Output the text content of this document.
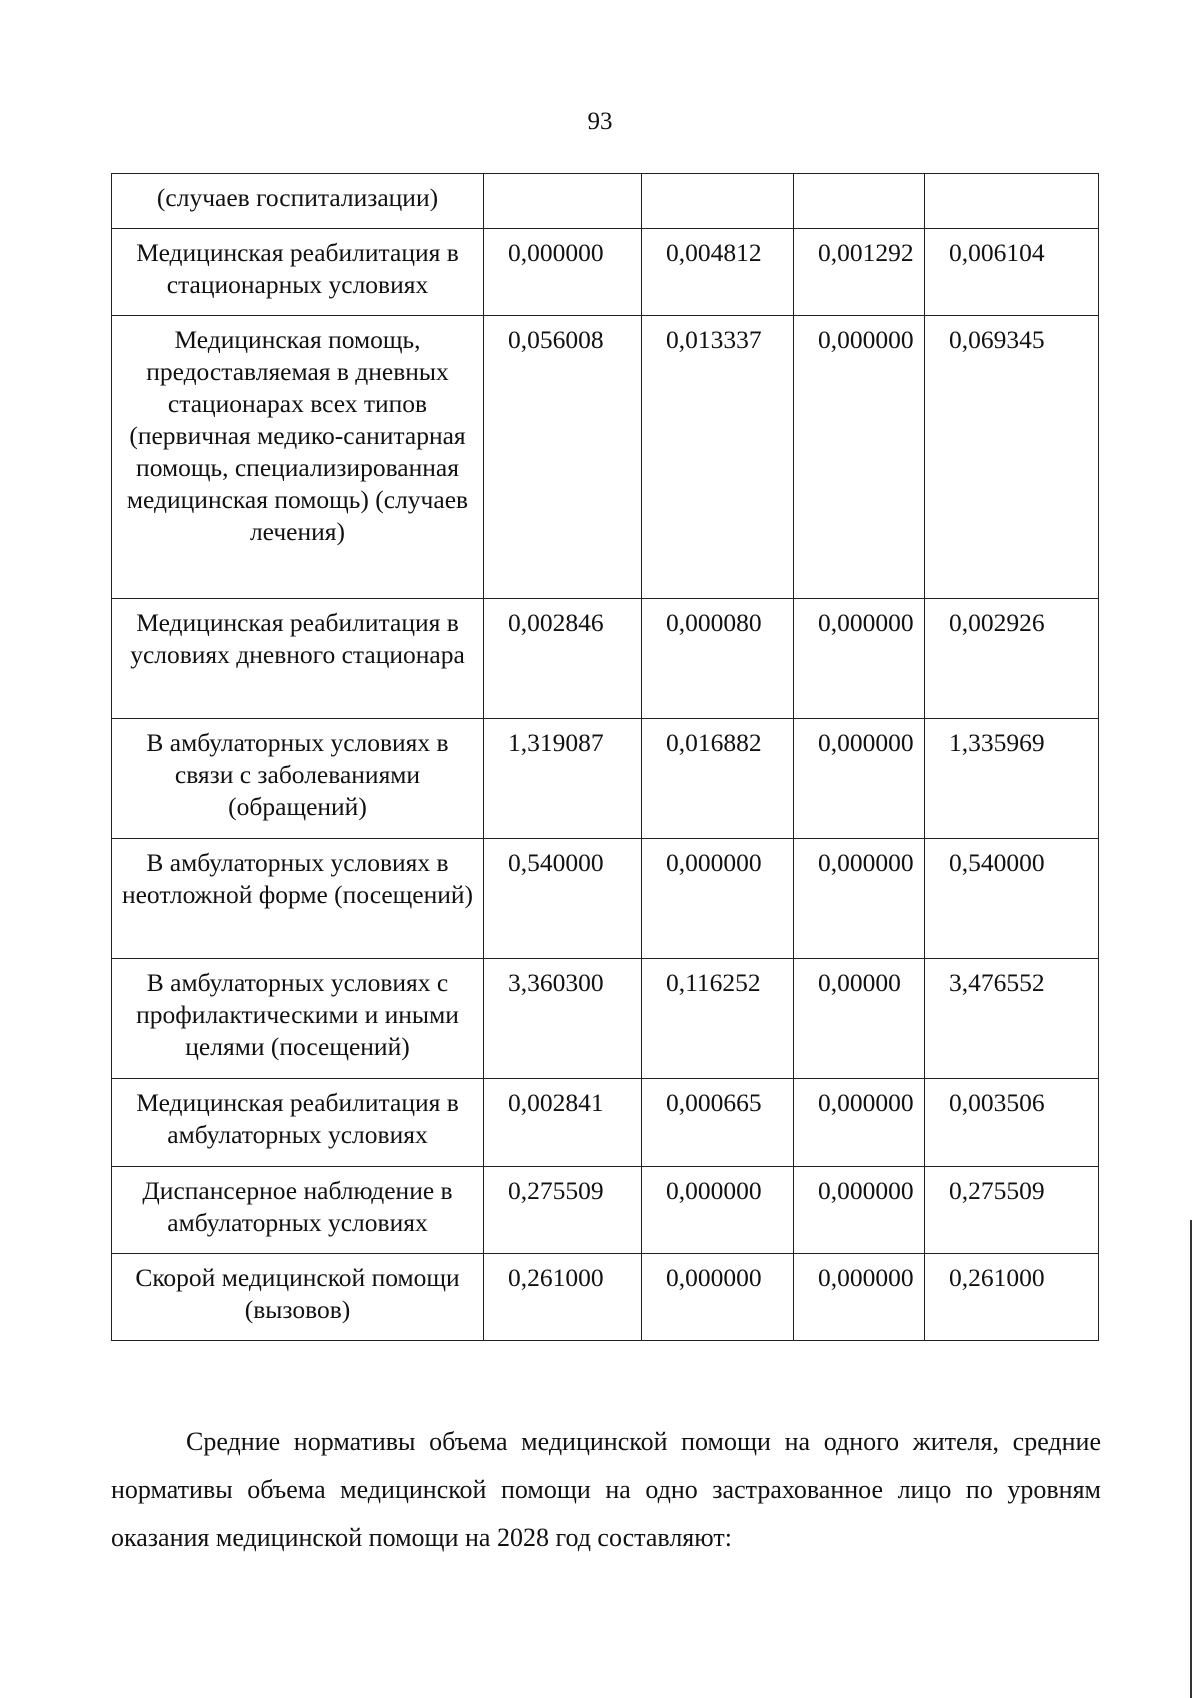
93
(случаев госпитализации)				
Медицинская реабилитация в стационарных условиях	0,000000	0,004812	0,001292	0,006104
Медицинская помощь, предоставляемая в дневных стационарах всех типов (первичная медико-санитарная помощь, специализированная медицинская помощь) (случаев лечения)	0,056008	0,013337	0,000000	0,069345
Медицинская реабилитация в условиях дневного стационара	0,002846	0,000080	0,000000	0,002926
В амбулаторных условиях в связи с заболеваниями (обращений)	1,319087	0,016882	0,000000	1,335969
В амбулаторных условиях в неотложной форме (посещений)	0,540000	0,000000	0,000000	0,540000
В амбулаторных условиях с профилактическими и иными целями (посещений)	3,360300	0,116252	0,00000	3,476552
Медицинская реабилитация в амбулаторных условиях	0,002841	0,000665	0,000000	0,003506
Диспансерное наблюдение в амбулаторных условиях	0,275509	0,000000	0,000000	0,275509
Скорой медицинской помощи (вызовов)	0,261000	0,000000	0,000000	0,261000

Средние нормативы объема медицинской помощи на одного жителя, средние нормативы объема медицинской помощи на одно застрахованное лицо по уровням оказания медицинской помощи на 2028 год составляют:
